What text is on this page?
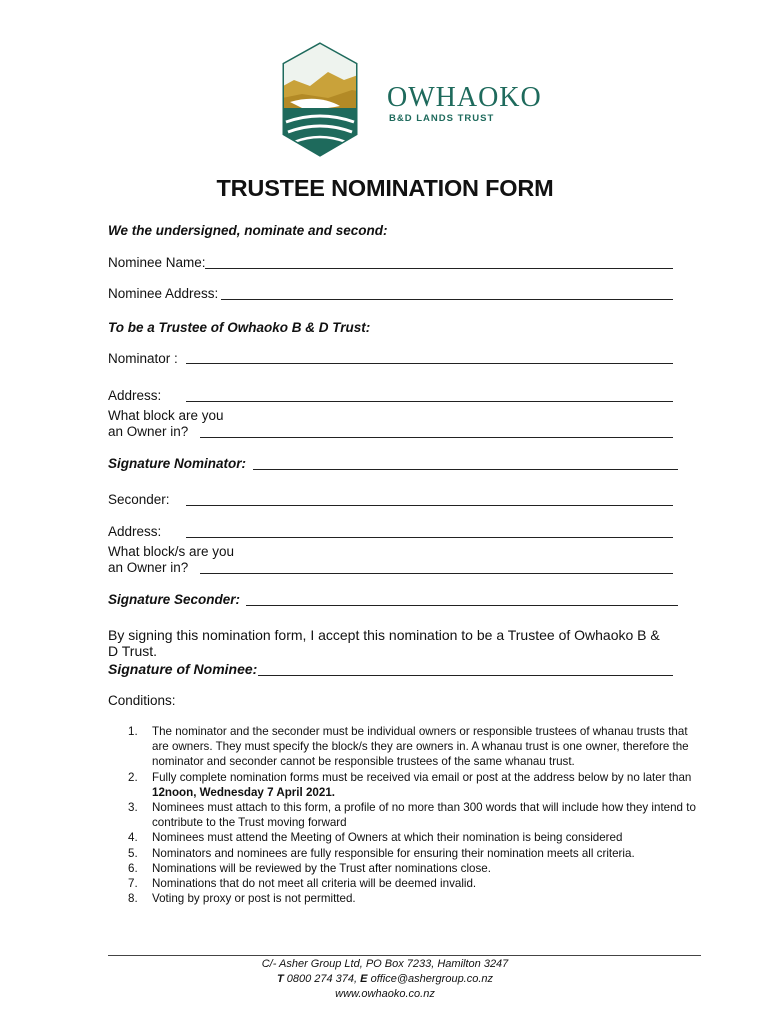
OWHAOKO
B&D LANDS TRUST
TRUSTEE NOMINATION FORM
We the undersigned, nominate and second:
Nominee Name:
Nominee Address:
To be a Trustee of Owhaoko B & D Trust:
Nominator :
Address:
What block are you
an Owner in?
Signature Nominator:
Seconder:
Address:
What block/s are you
an Owner in?
Signature Seconder:
By signing this nomination form, I accept this nomination to be a Trustee of Owhaoko B & D Trust.
Signature of Nominee:
Conditions:
1. The nominator and the seconder must be individual owners or responsible trustees of whanau trusts that are owners. They must specify the block/s they are owners in. A whanau trust is one owner, therefore the nominator and seconder cannot be responsible trustees of the same whanau trust.
2. Fully complete nomination forms must be received via email or post at the address below by no later than 12noon, Wednesday 7 April 2021.
3. Nominees must attach to this form, a profile of no more than 300 words that will include how they intend to contribute to the Trust moving forward
4. Nominees must attend the Meeting of Owners at which their nomination is being considered
5. Nominators and nominees are fully responsible for ensuring their nomination meets all criteria.
6. Nominations will be reviewed by the Trust after nominations close.
7. Nominations that do not meet all criteria will be deemed invalid.
8. Voting by proxy or post is not permitted.
C/- Asher Group Ltd, PO Box 7233, Hamilton 3247
T 0800 274 374, E office@ashergroup.co.nz
www.owhaoko.co.nz
